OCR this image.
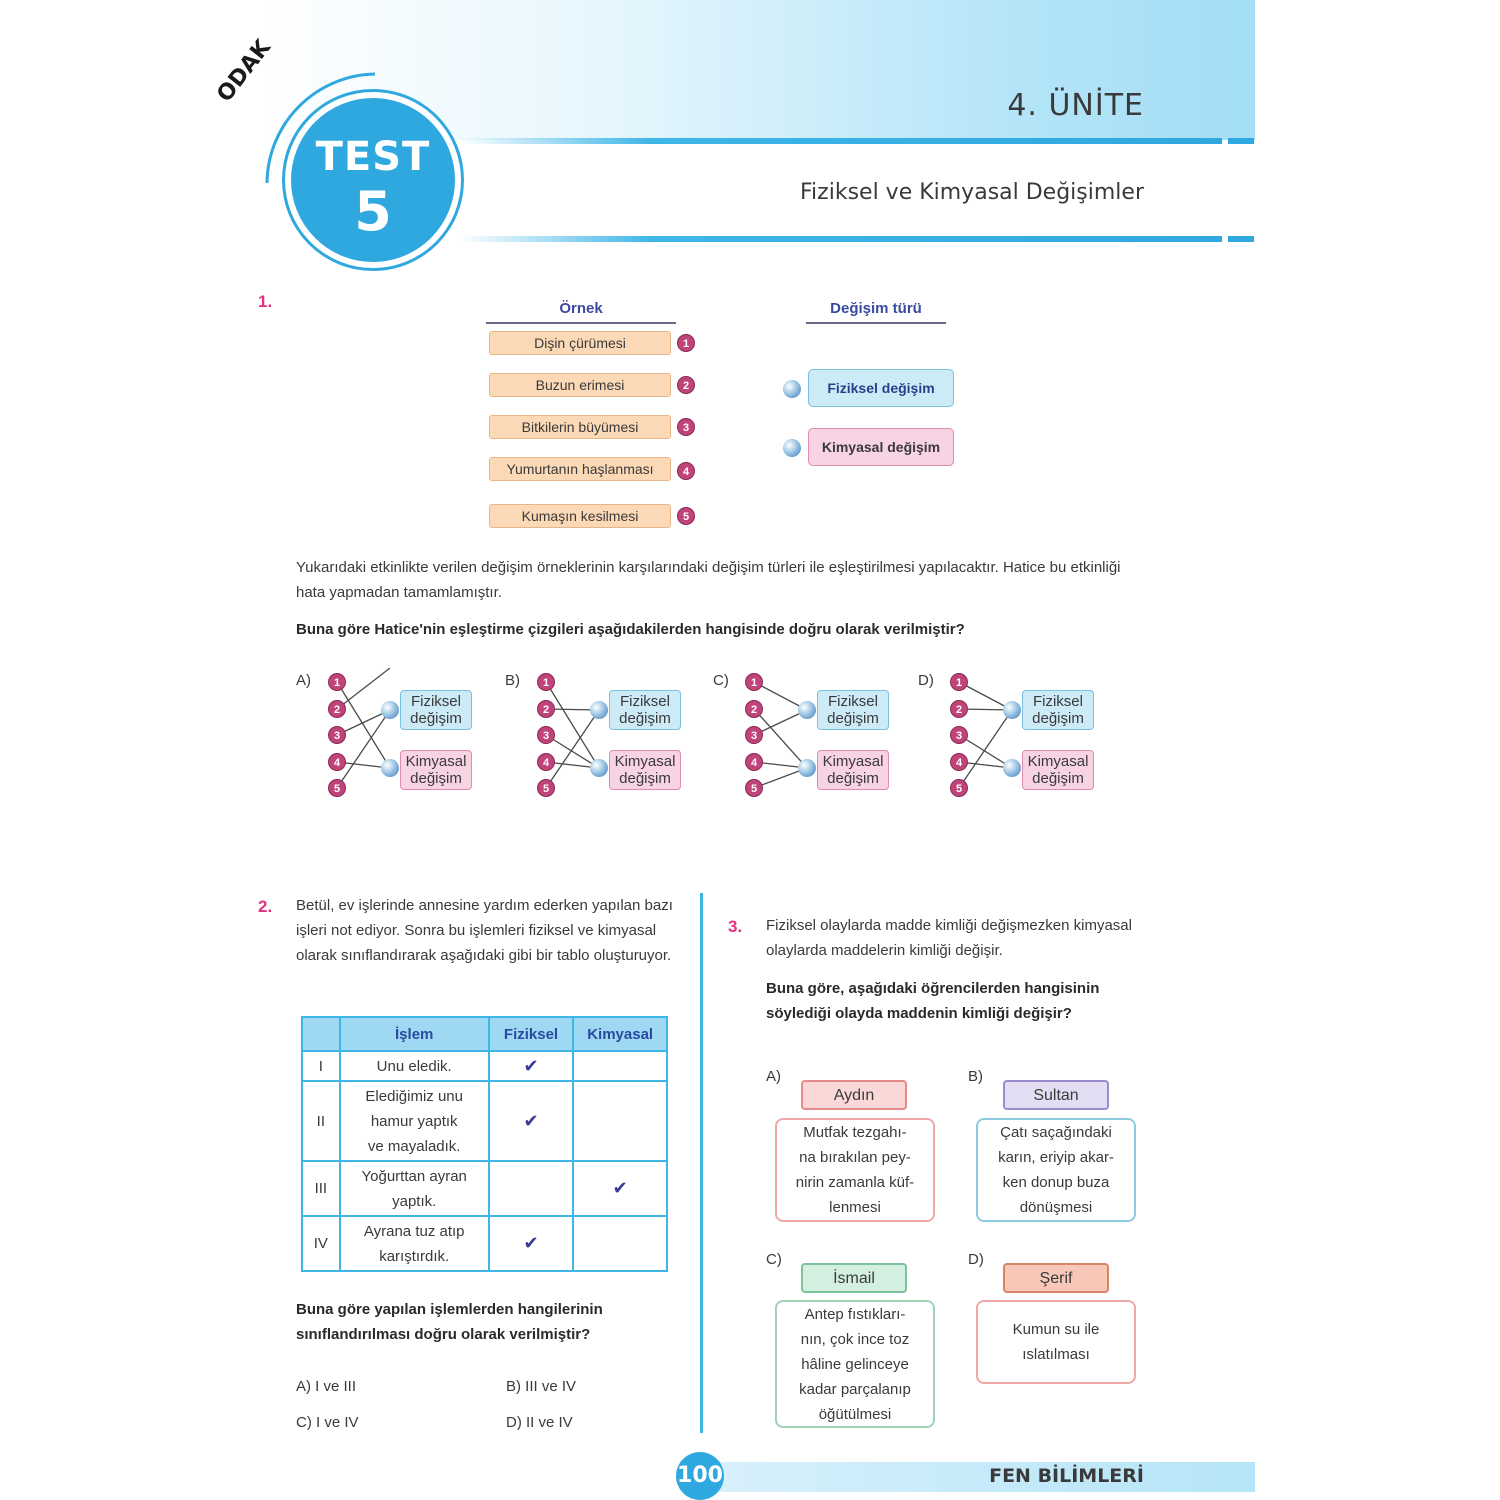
4. ÜNİTE
Fiziksel ve Kimyasal Değişimler
ODAK
TEST
5
1.	Örnek	Değişim türü
Dişin çürümesi	1
Buzun erimesi	2
Bitkilerin büyümesi	3
Yumurtanın haşlanması	4
Kumaşın kesilmesi	5
Fiziksel değişim
Kimyasal değişim
Yukarıdaki etkinlikte verilen değişim örneklerinin karşılarındaki değişim türleri ile eşleştirilmesi yapılacaktır. Hatice bu etkinliği hata yapmadan tamamlamıştır.
Buna göre Hatice'nin eşleştirme çizgileri aşağıdakilerden hangisinde doğru olarak verilmiştir?
A)	1
2
3
4
5
Fiziksel
değişim
Kimyasal
değişim
B)	1
2
3
4
5
Fiziksel
değişim
Kimyasal
değişim
C)	1
2
3
4
5
Fiziksel
değişim
Kimyasal
değişim
D)	1
2
3
4
5
Fiziksel
değişim
Kimyasal
değişim
2. Betül, ev işlerinde annesine yardım ederken yapılan bazı işleri not ediyor. Sonra bu işlemleri fiziksel ve kimyasal olarak sınıflandırarak aşağıdaki gibi bir tablo oluşturuyor.
	İşlem	Fiziksel	Kimyasal
I	Unu eledik.	✔	
II	Elediğimiz unu
hamur yaptık
ve mayaladık.	✔	
III	Yoğurttan ayran
yaptık.		✔
IV	Ayrana tuz atıp
karıştırdık.	✔	
Buna göre yapılan işlemlerden hangilerinin sınıflandırılması doğru olarak verilmiştir?
A) I ve III	B) III ve IV
C) I ve IV	D) II ve IV
3. Fiziksel olaylarda madde kimliği değişmezken kimyasal olaylarda maddelerin kimliği değişir.
Buna göre, aşağıdaki öğrencilerden hangisinin söylediği olayda maddenin kimliği değişir?
A)
Aydın
Mutfak tezgahı-
na bırakılan pey-
nirin zamanla küf-
lenmesi
B)
Sultan
Çatı saçağındaki
karın, eriyip akar-
ken donup buza
dönüşmesi
C)
İsmail
Antep fıstıkları-
nın, çok ince toz
hâline gelinceye
kadar parçalanıp
öğütülmesi
D)
Şerif
Kumun su ile
ıslatılması
100	FEN BİLİMLERİ
